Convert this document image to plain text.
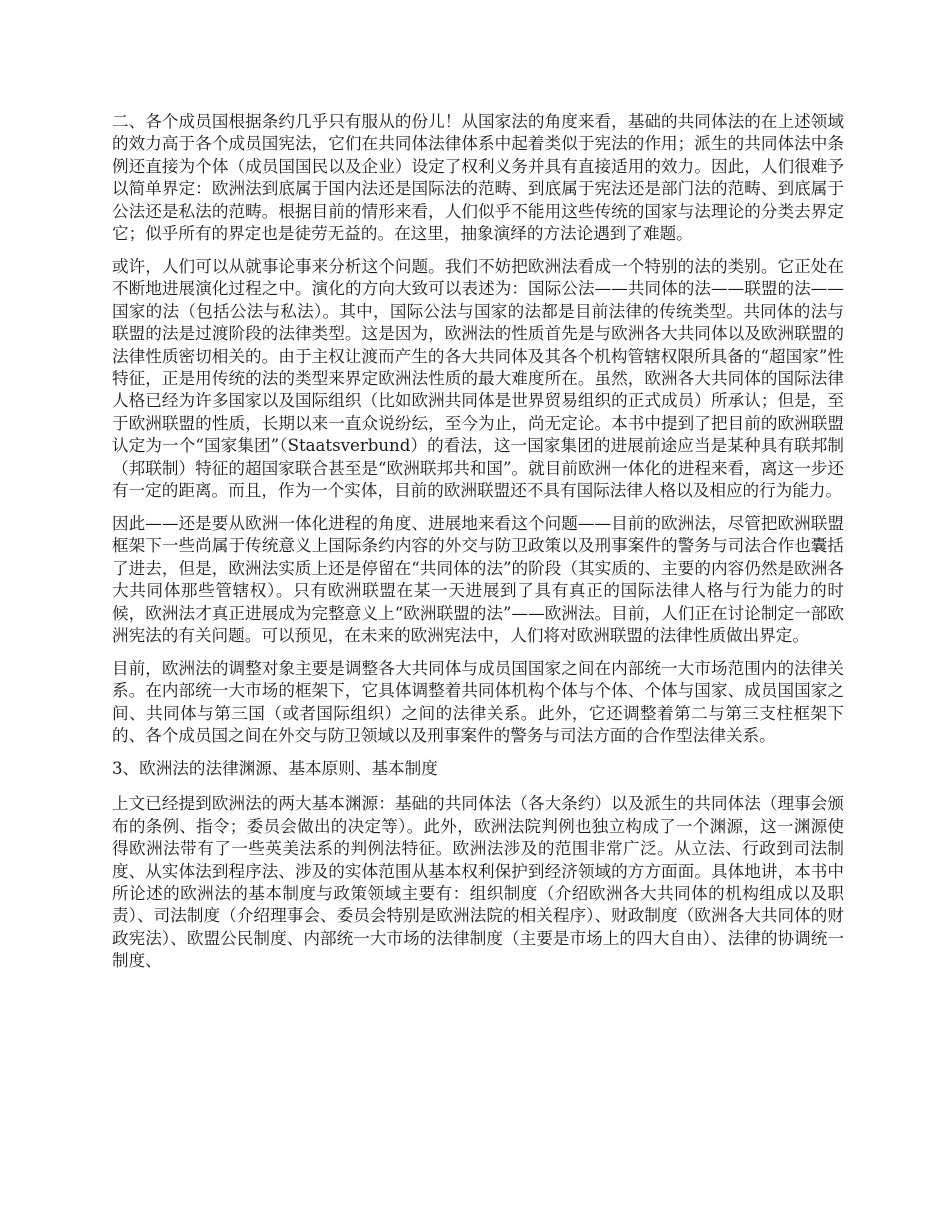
二、各个成员国根据条约几乎只有服从的份儿！从国家法的角度来看，基础的共同体法的在上述领域的效力高于各个成员国宪法，它们在共同体法律体系中起着类似于宪法的作用；派生的共同体法中条例还直接为个体（成员国国民以及企业）设定了权利义务并具有直接适用的效力。因此，人们很难予以简单界定：欧洲法到底属于国内法还是国际法的范畴、到底属于宪法还是部门法的范畴、到底属于公法还是私法的范畴。根据目前的情形来看，人们似乎不能用这些传统的国家与法理论的分类去界定它；似乎所有的界定也是徒劳无益的。在这里，抽象演绎的方法论遇到了难题。

或许，人们可以从就事论事来分析这个问题。我们不妨把欧洲法看成一个特别的法的类别。它正处在不断地进展演化过程之中。演化的方向大致可以表述为：国际公法——共同体的法——联盟的法——国家的法（包括公法与私法）。其中，国际公法与国家的法都是目前法律的传统类型。共同体的法与联盟的法是过渡阶段的法律类型。这是因为，欧洲法的性质首先是与欧洲各大共同体以及欧洲联盟的法律性质密切相关的。由于主权让渡而产生的各大共同体及其各个机构管辖权限所具备的“超国家”性特征，正是用传统的法的类型来界定欧洲法性质的最大难度所在。虽然，欧洲各大共同体的国际法律人格已经为许多国家以及国际组织（比如欧洲共同体是世界贸易组织的正式成员）所承认；但是，至于欧洲联盟的性质，长期以来一直众说纷纭，至今为止，尚无定论。本书中提到了把目前的欧洲联盟认定为一个“国家集团”（Staatsverbund）的看法，这一国家集团的进展前途应当是某种具有联邦制（邦联制）特征的超国家联合甚至是“欧洲联邦共和国”。就目前欧洲一体化的进程来看，离这一步还有一定的距离。而且，作为一个实体，目前的欧洲联盟还不具有国际法律人格以及相应的行为能力。

因此——还是要从欧洲一体化进程的角度、进展地来看这个问题——目前的欧洲法，尽管把欧洲联盟框架下一些尚属于传统意义上国际条约内容的外交与防卫政策以及刑事案件的警务与司法合作也囊括了进去，但是，欧洲法实质上还是停留在“共同体的法”的阶段（其实质的、主要的内容仍然是欧洲各大共同体那些管辖权）。只有欧洲联盟在某一天进展到了具有真正的国际法律人格与行为能力的时候，欧洲法才真正进展成为完整意义上“欧洲联盟的法”——欧洲法。目前，人们正在讨论制定一部欧洲宪法的有关问题。可以预见，在未来的欧洲宪法中，人们将对欧洲联盟的法律性质做出界定。

目前，欧洲法的调整对象主要是调整各大共同体与成员国国家之间在内部统一大市场范围内的法律关系。在内部统一大市场的框架下，它具体调整着共同体机构个体与个体、个体与国家、成员国国家之间、共同体与第三国（或者国际组织）之间的法律关系。此外，它还调整着第二与第三支柱框架下的、各个成员国之间在外交与防卫领域以及刑事案件的警务与司法方面的合作型法律关系。

3、欧洲法的法律渊源、基本原则、基本制度

上文已经提到欧洲法的两大基本渊源：基础的共同体法（各大条约）以及派生的共同体法（理事会颁布的条例、指令；委员会做出的决定等）。此外，欧洲法院判例也独立构成了一个渊源，这一渊源使得欧洲法带有了一些英美法系的判例法特征。欧洲法涉及的范围非常广泛。从立法、行政到司法制度、从实体法到程序法、涉及的实体范围从基本权利保护到经济领域的方方面面。具体地讲，本书中所论述的欧洲法的基本制度与政策领域主要有：组织制度（介绍欧洲各大共同体的机构组成以及职责）、司法制度（介绍理事会、委员会特别是欧洲法院的相关程序）、财政制度（欧洲各大共同体的财政宪法）、欧盟公民制度、内部统一大市场的法律制度（主要是市场上的四大自由）、法律的协调统一制度、
